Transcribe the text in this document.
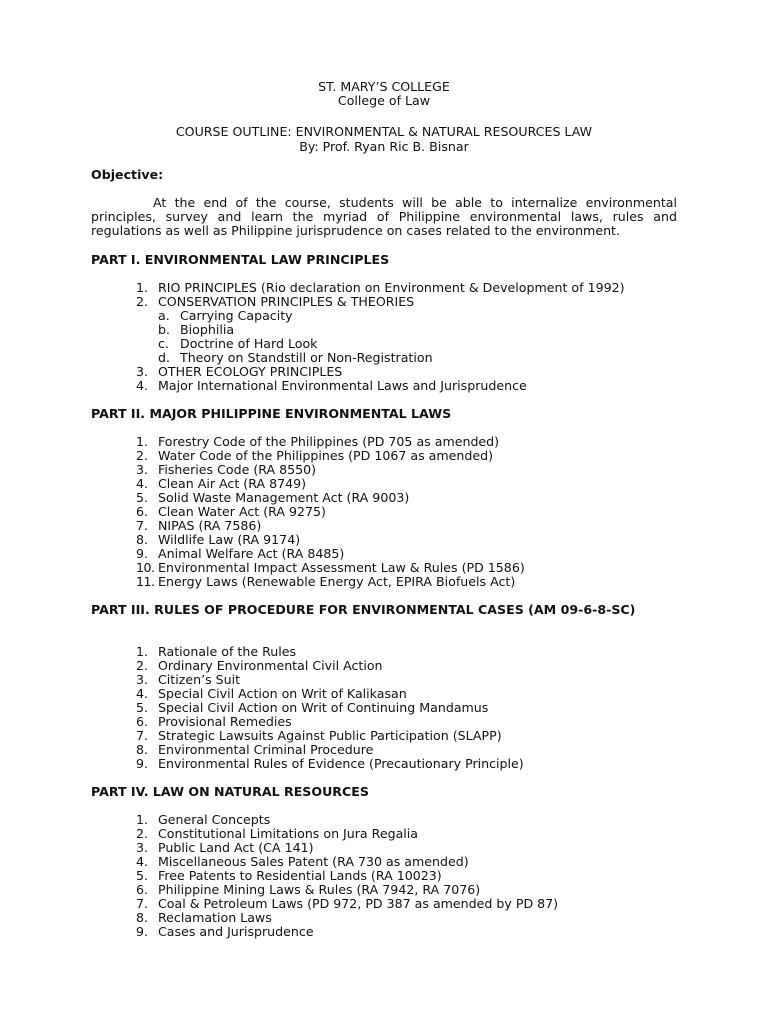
ST. MARY’S COLLEGE

College of Law

COURSE OUTLINE: ENVIRONMENTAL & NATURAL RESOURCES LAW

By: Prof. Ryan Ric B. Bisnar

Objective:

At the end of the course, students will be able to internalize environmental principles, survey and learn the myriad of Philippine environmental laws, rules and regulations as well as Philippine jurisprudence on cases related to the environment.

PART I. ENVIRONMENTAL LAW PRINCIPLES

1. RIO PRINCIPLES (Rio declaration on Environment & Development of 1992)
2. CONSERVATION PRINCIPLES & THEORIES
a. Carrying Capacity
b. Biophilia
c. Doctrine of Hard Look
d. Theory on Standstill or Non-Registration
3. OTHER ECOLOGY PRINCIPLES
4. Major International Environmental Laws and Jurisprudence

PART II. MAJOR PHILIPPINE ENVIRONMENTAL LAWS

1. Forestry Code of the Philippines (PD 705 as amended)
2. Water Code of the Philippines (PD 1067 as amended)
3. Fisheries Code (RA 8550)
4. Clean Air Act (RA 8749)
5. Solid Waste Management Act (RA 9003)
6. Clean Water Act (RA 9275)
7. NIPAS (RA 7586)
8. Wildlife Law (RA 9174)
9. Animal Welfare Act (RA 8485)
10. Environmental Impact Assessment Law & Rules (PD 1586)
11. Energy Laws (Renewable Energy Act, EPIRA Biofuels Act)

PART III. RULES OF PROCEDURE FOR ENVIRONMENTAL CASES (AM 09-6-8-SC)

1. Rationale of the Rules
2. Ordinary Environmental Civil Action
3. Citizen’s Suit
4. Special Civil Action on Writ of Kalikasan
5. Special Civil Action on Writ of Continuing Mandamus
6. Provisional Remedies
7. Strategic Lawsuits Against Public Participation (SLAPP)
8. Environmental Criminal Procedure
9. Environmental Rules of Evidence (Precautionary Principle)

PART IV. LAW ON NATURAL RESOURCES

1. General Concepts
2. Constitutional Limitations on Jura Regalia
3. Public Land Act (CA 141)
4. Miscellaneous Sales Patent (RA 730 as amended)
5. Free Patents to Residential Lands (RA 10023)
6. Philippine Mining Laws & Rules (RA 7942, RA 7076)
7. Coal & Petroleum Laws (PD 972, PD 387 as amended by PD 87)
8. Reclamation Laws
9. Cases and Jurisprudence
